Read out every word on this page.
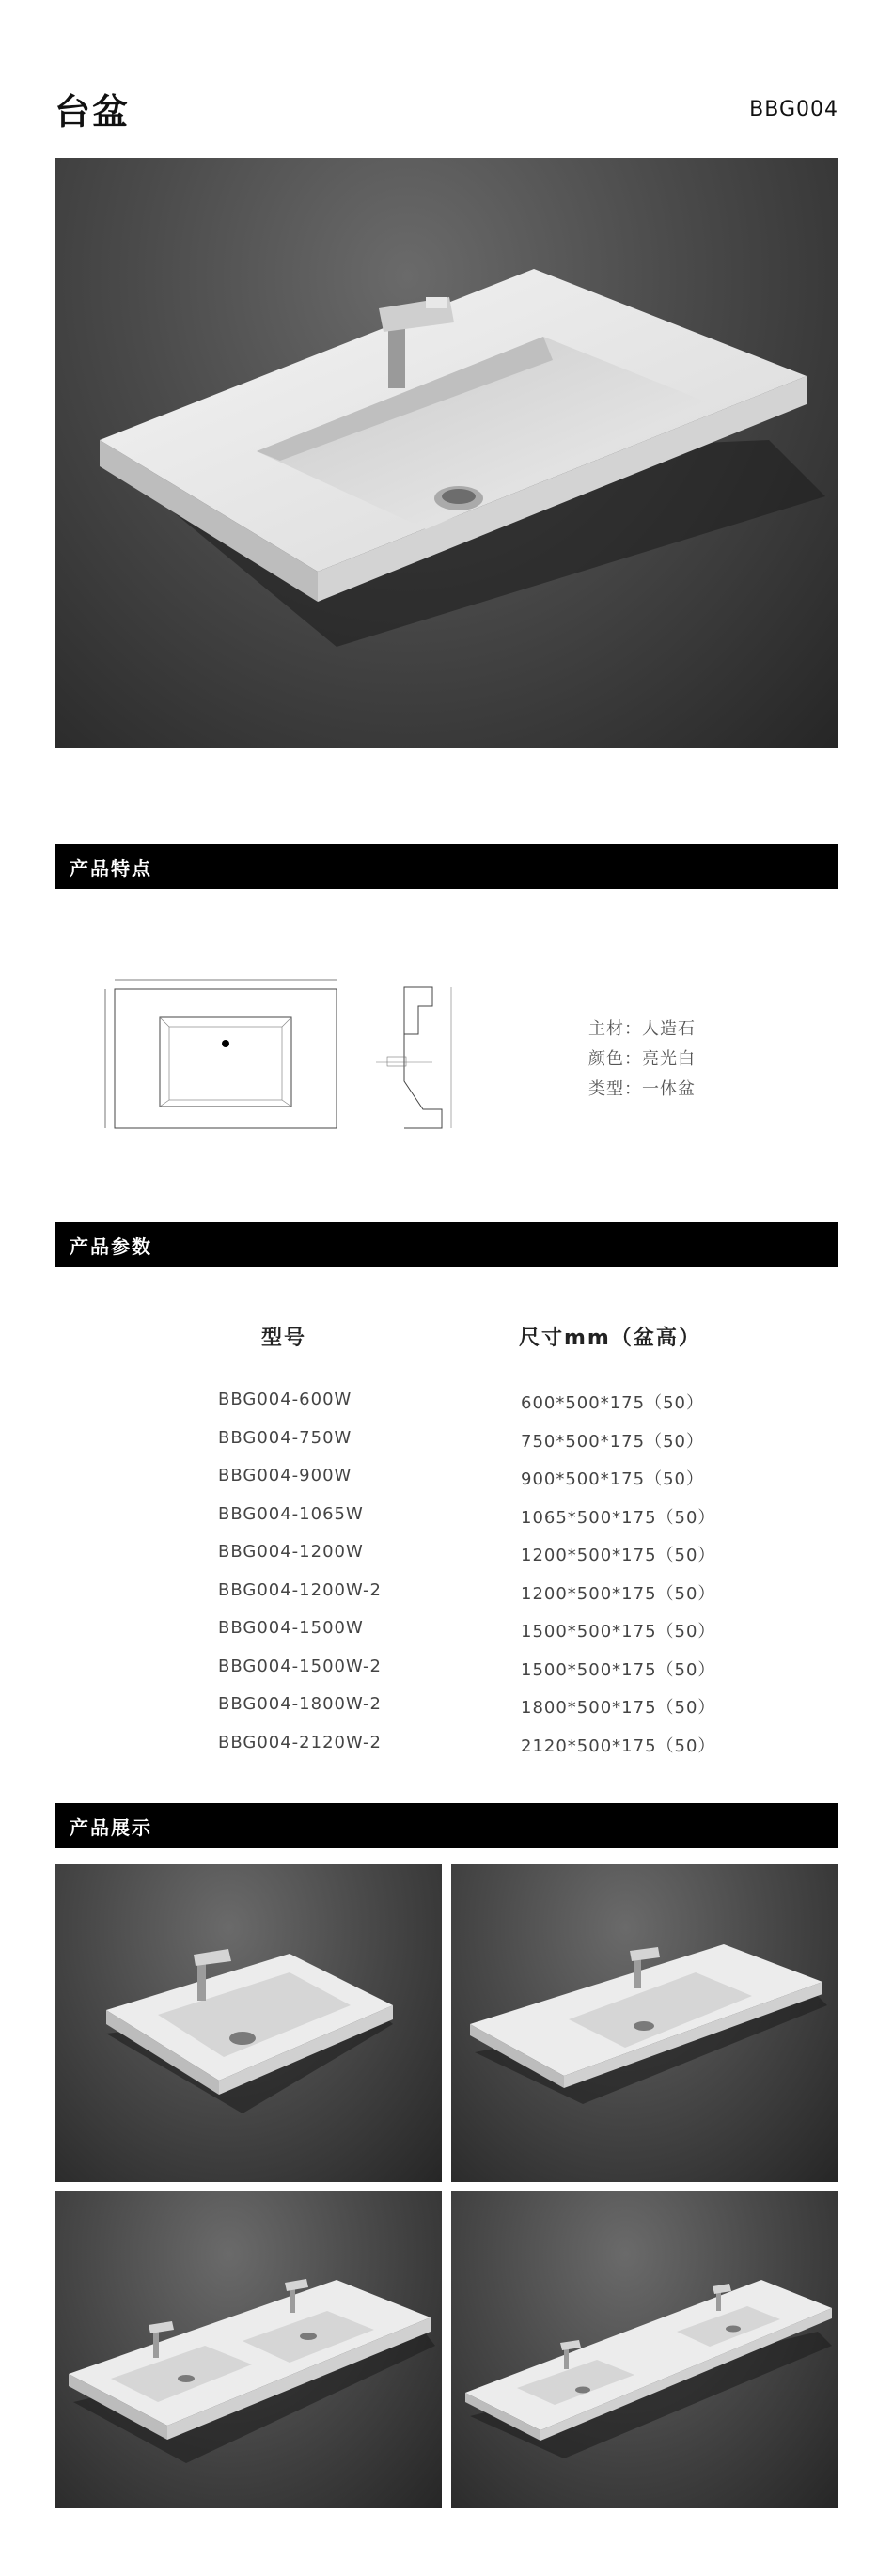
台盆	BBG004
产品特点
主材 ： 人造石
颜色 ： 亮光白
类型 ： 一体盆
产品参数
型号	尺寸mm（盆高）
BBG004-600W	600*500*175（50）
BBG004-750W	750*500*175（50）
BBG004-900W	900*500*175（50）
BBG004-1065W	1065*500*175（50）
BBG004-1200W	1200*500*175（50）
BBG004-1200W-2	1200*500*175（50）
BBG004-1500W	1500*500*175（50）
BBG004-1500W-2	1500*500*175（50）
BBG004-1800W-2	1800*500*175（50）
BBG004-2120W-2	2120*500*175（50）
产品展示
